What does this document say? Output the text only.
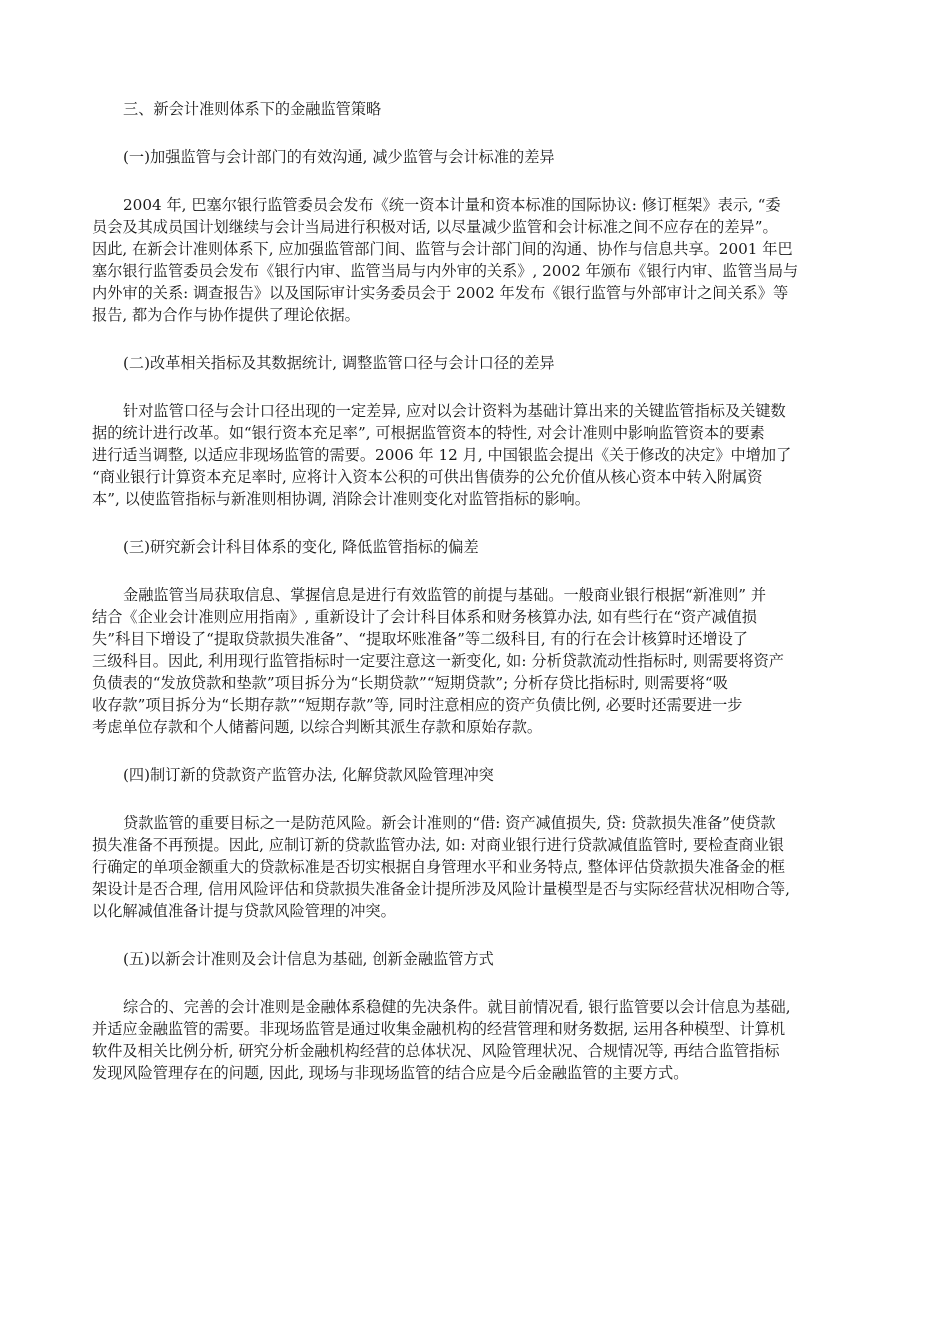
三、新会计准则体系下的金融监管策略
(一)加强监管与会计部门的有效沟通, 减少监管与会计标准的差异
2004 年, 巴塞尔银行监管委员会发布《统一资本计量和资本标准的国际协议: 修订框架》表示, “委
员会及其成员国计划继续与会计当局进行积极对话, 以尽量减少监管和会计标准之间不应存在的差异”。
因此, 在新会计准则体系下, 应加强监管部门间、监管与会计部门间的沟通、协作与信息共享。2001 年巴
塞尔银行监管委员会发布《银行内审、监管当局与内外审的关系》, 2002 年颁布《银行内审、监管当局与
内外审的关系: 调查报告》以及国际审计实务委员会于 2002 年发布《银行监管与外部审计之间关系》等
报告, 都为合作与协作提供了理论依据。
(二)改革相关指标及其数据统计, 调整监管口径与会计口径的差异
针对监管口径与会计口径出现的一定差异, 应对以会计资料为基础计算出来的关键监管指标及关键数
据的统计进行改革。如“银行资本充足率”, 可根据监管资本的特性, 对会计准则中影响监管资本的要素
进行适当调整, 以适应非现场监管的需要。2006 年 12 月, 中国银监会提出《关于修改的决定》中增加了
“商业银行计算资本充足率时, 应将计入资本公积的可供出售债券的公允价值从核心资本中转入附属资
本”, 以使监管指标与新准则相协调, 消除会计准则变化对监管指标的影响。
(三)研究新会计科目体系的变化, 降低监管指标的偏差
金融监管当局获取信息、掌握信息是进行有效监管的前提与基础。一般商业银行根据“新准则” 并
结合《企业会计准则应用指南》, 重新设计了会计科目体系和财务核算办法, 如有些行在“资产减值损
失”科目下增设了“提取贷款损失准备”、“提取坏账准备”等二级科目, 有的行在会计核算时还增设了
三级科目。因此, 利用现行监管指标时一定要注意这一新变化, 如: 分析贷款流动性指标时, 则需要将资产
负债表的“发放贷款和垫款”项目拆分为“长期贷款”“短期贷款”; 分析存贷比指标时, 则需要将“吸
收存款”项目拆分为“长期存款”“短期存款”等, 同时注意相应的资产负债比例, 必要时还需要进一步
考虑单位存款和个人储蓄问题, 以综合判断其派生存款和原始存款。
(四)制订新的贷款资产监管办法, 化解贷款风险管理冲突
贷款监管的重要目标之一是防范风险。新会计准则的“借: 资产减值损失, 贷: 贷款损失准备”使贷款
损失准备不再预提。因此, 应制订新的贷款监管办法, 如: 对商业银行进行贷款减值监管时, 要检查商业银
行确定的单项金额重大的贷款标准是否切实根据自身管理水平和业务特点, 整体评估贷款损失准备金的框
架设计是否合理, 信用风险评估和贷款损失准备金计提所涉及风险计量模型是否与实际经营状况相吻合等,
以化解减值准备计提与贷款风险管理的冲突。
(五)以新会计准则及会计信息为基础, 创新金融监管方式
综合的、完善的会计准则是金融体系稳健的先决条件。就目前情况看, 银行监管要以会计信息为基础,
并适应金融监管的需要。非现场监管是通过收集金融机构的经营管理和财务数据, 运用各种模型、计算机
软件及相关比例分析, 研究分析金融机构经营的总体状况、风险管理状况、合规情况等, 再结合监管指标
发现风险管理存在的问题, 因此, 现场与非现场监管的结合应是今后金融监管的主要方式。
